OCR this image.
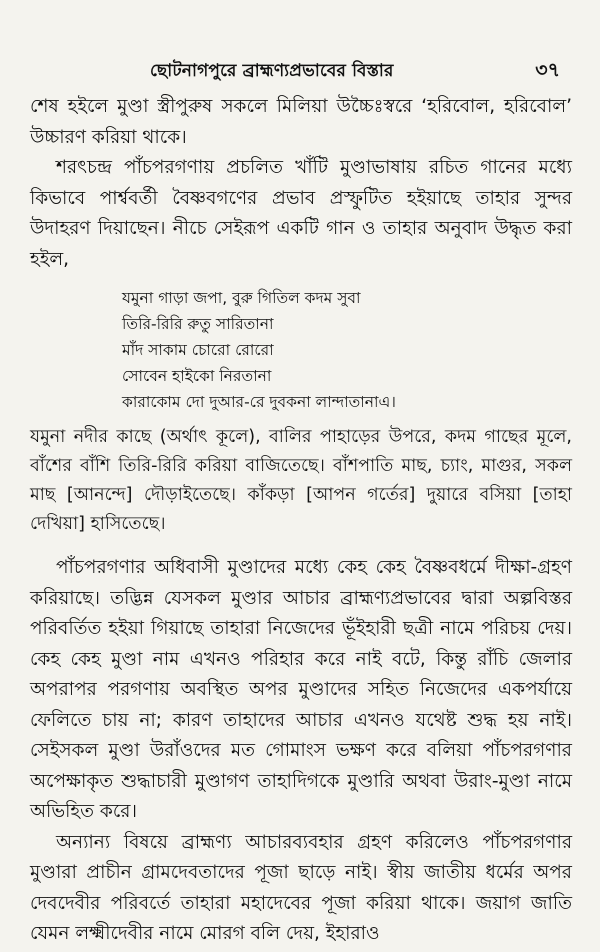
ছোটনাগপুরে ব্রাহ্মণ্যপ্রভাবের বিস্তার	৩৭

শেষ হইলে মুণ্ডা স্ত্রীপুরুষ সকলে মিলিয়া উচ্চৈঃস্বরে ‘হরিবোল, হরিবোল’ উচ্চারণ করিয়া থাকে।

শরৎচন্দ্র পাঁচপরগণায় প্রচলিত খাঁটি মুণ্ডাভাষায় রচিত গানের মধ্যে কিভাবে পার্শ্ববর্তী বৈষ্ণবগণের প্রভাব প্রস্ফুটিত হইয়াছে তাহার সুন্দর উদাহরণ দিয়াছেন। নীচে সেইরূপ একটি গান ও তাহার অনুবাদ উদ্ধৃত করা হইল,

যমুনা গাড়া জপা, বুরু গিতিল কদম সুবা
তিরি-রিরি রুতু সারিতানা
মাঁদ সাকাম চোরো রোরো
সোবেন হাইকো নিরতানা
কারাকোম দো দুআর-রে দুবকনা লান্দাতানাএ।

যমুনা নদীর কাছে (অর্থাৎ কূলে), বালির পাহাড়ের উপরে, কদম গাছের মূলে, বাঁশের বাঁশি তিরি-রিরি করিয়া বাজিতেছে। বাঁশপাতি মাছ, চ্যাং, মাগুর, সকল মাছ [আনন্দে] দৌড়াইতেছে। কাঁকড়া [আপন গর্তের] দুয়ারে বসিয়া [তাহা দেখিয়া] হাসিতেছে।

পাঁচপরগণার অধিবাসী মুণ্ডাদের মধ্যে কেহ কেহ বৈষ্ণবধর্মে দীক্ষা-গ্রহণ করিয়াছে। তদ্ভিন্ন যেসকল মুণ্ডার আচার ব্রাহ্মণ্যপ্রভাবের দ্বারা অল্পবিস্তর পরিবর্তিত হইয়া গিয়াছে তাহারা নিজেদের ভূঁইহারী ছত্রী নামে পরিচয় দেয়। কেহ কেহ মুণ্ডা নাম এখনও পরিহার করে নাই বটে, কিন্তু রাঁচি জেলার অপরাপর পরগণায় অবস্থিত অপর মুণ্ডাদের সহিত নিজেদের একপর্যায়ে ফেলিতে চায় না; কারণ তাহাদের আচার এখনও যথেষ্ট শুদ্ধ হয় নাই। সেইসকল মুণ্ডা উরাঁওদের মত গোমাংস ভক্ষণ করে বলিয়া পাঁচপরগণার অপেক্ষাকৃত শুদ্ধাচারী মুণ্ডাগণ তাহাদিগকে মুণ্ডারি অথবা উরাং-মুণ্ডা নামে অভিহিত করে।

অন্যান্য বিষয়ে ব্রাহ্মণ্য আচারব্যবহার গ্রহণ করিলেও পাঁচপরগণার মুণ্ডারা প্রাচীন গ্রামদেবতাদের পূজা ছাড়ে নাই। স্বীয় জাতীয় ধর্মের অপর দেবদেবীর পরিবর্তে তাহারা মহাদেবের পূজা করিয়া থাকে। জয়াগ জাতি যেমন লক্ষ্মীদেবীর নামে মোরগ বলি দেয়, ইহারাও
